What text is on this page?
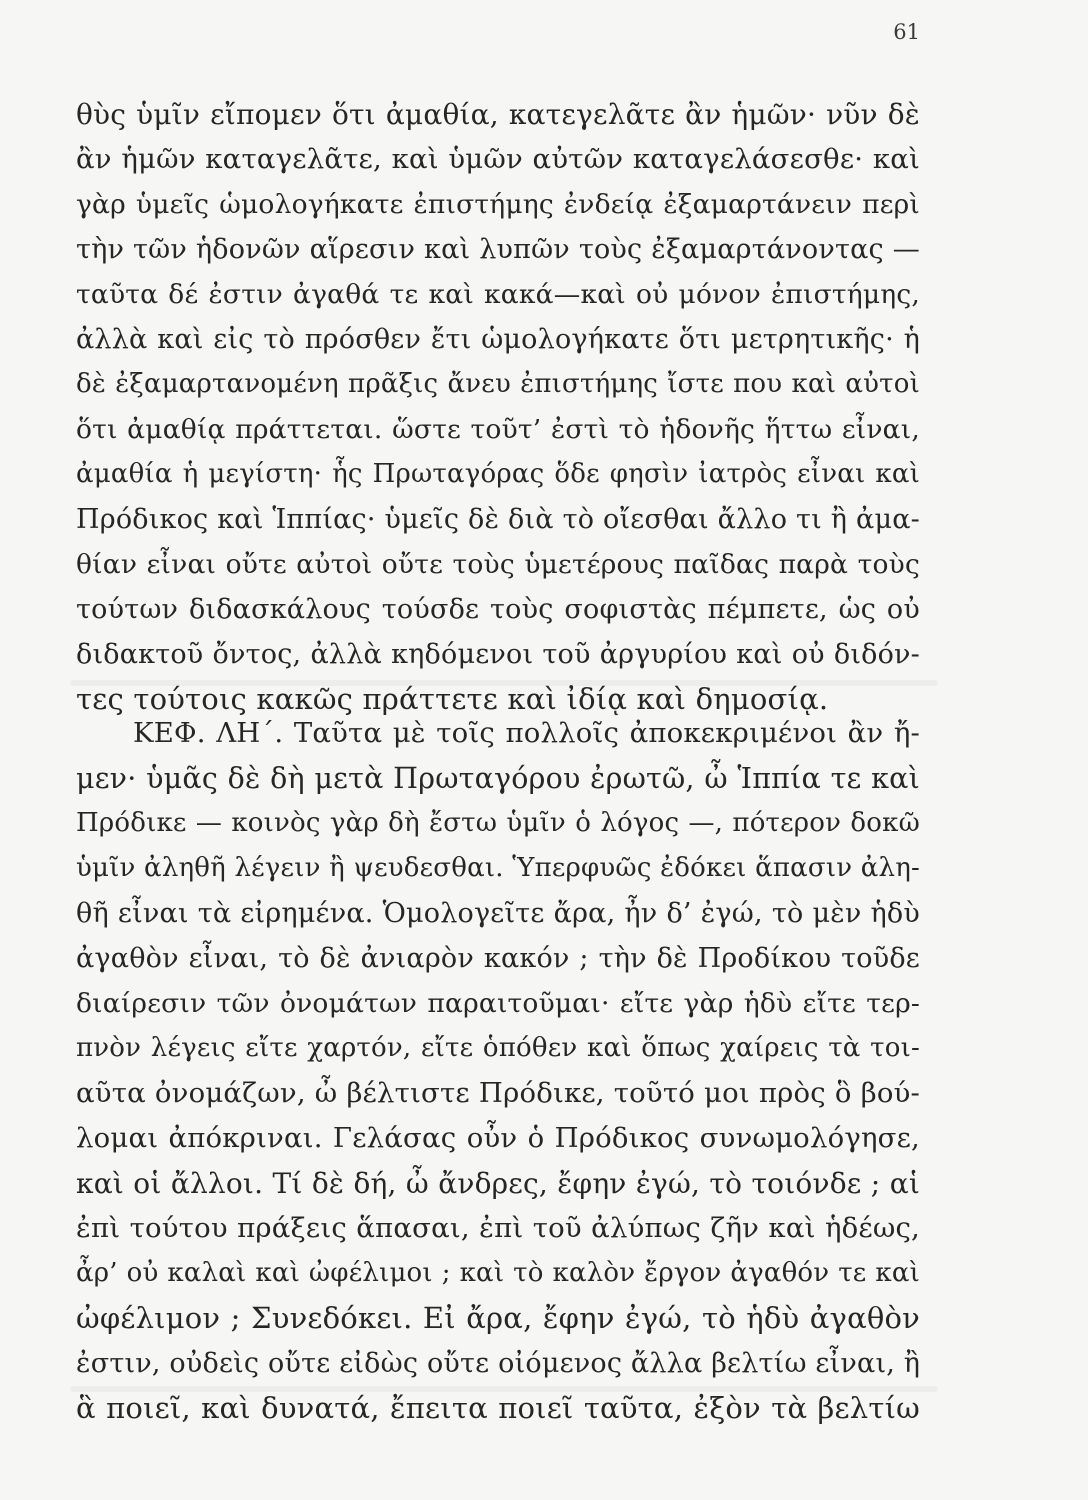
61
θὺς ὑμῖν εἴπομεν ὅτι ἀμαθία, κατεγελᾶτε ἂν ἡμῶν· νῦν δὲ
ἂν ἡμῶν καταγελᾶτε, καὶ ὑμῶν αὐτῶν καταγελάσεσθε· καὶ
γὰρ ὑμεῖς ὡμολογήκατε ἐπιστήμης ἐνδείᾳ ἐξαμαρτάνειν περὶ
τὴν τῶν ἡδονῶν αἵρεσιν καὶ λυπῶν τοὺς ἐξαμαρτάνοντας —
ταῦτα δέ ἐστιν ἀγαθά τε καὶ κακά—καὶ οὐ μόνον ἐπιστήμης,
ἀλλὰ καὶ εἰς τὸ πρόσθεν ἔτι ὡμολογήκατε ὅτι μετρητικῆς· ἡ
δὲ ἐξαμαρτανομένη πρᾶξις ἄνευ ἐπιστήμης ἴστε που καὶ αὐτοὶ
ὅτι ἀμαθίᾳ πράττεται. ὥστε τοῦτ’ ἐστὶ τὸ ἡδονῆς ἥττω εἶναι,
ἀμαθία ἡ μεγίστη· ἧς Πρωταγόρας ὅδε φησὶν ἰατρὸς εἶναι καὶ
Πρόδικος καὶ Ἱππίας· ὑμεῖς δὲ διὰ τὸ οἴεσθαι ἄλλο τι ἢ ἀμα-
θίαν εἶναι οὔτε αὐτοὶ οὔτε τοὺς ὑμετέρους παῖδας παρὰ τοὺς
τούτων διδασκάλους τούσδε τοὺς σοφιστὰς πέμπετε, ὡς οὐ
διδακτοῦ ὄντος, ἀλλὰ κηδόμενοι τοῦ ἀργυρίου καὶ οὐ διδόν-
τες τούτοις κακῶς πράττετε καὶ ἰδίᾳ καὶ δημοσίᾳ.
ΚΕΦ. ΛΗ΄. Ταῦτα μὲ τοῖς πολλοῖς ἀποκεκριμένοι ἂν ἤ-
μεν· ὑμᾶς δὲ δὴ μετὰ Πρωταγόρου ἐρωτῶ, ὦ Ἱππία τε καὶ
Πρόδικε — κοινὸς γὰρ δὴ ἔστω ὑμῖν ὁ λόγος —, πότερον δοκῶ
ὑμῖν ἀληθῆ λέγειν ἢ ψευδεσθαι. Ὑπερφυῶς ἐδόκει ἅπασιν ἀλη-
θῆ εἶναι τὰ εἰρημένα. Ὁμολογεῖτε ἄρα, ἦν δ’ ἐγώ, τὸ μὲν ἡδὺ
ἀγαθὸν εἶναι, τὸ δὲ ἀνιαρὸν κακόν ; τὴν δὲ Προδίκου τοῦδε
διαίρεσιν τῶν ὀνομάτων παραιτοῦμαι· εἴτε γὰρ ἡδὺ εἴτε τερ-
πνὸν λέγεις εἴτε χαρτόν, εἴτε ὁπόθεν καὶ ὅπως χαίρεις τὰ τοι-
αῦτα ὀνομάζων, ὦ βέλτιστε Πρόδικε, τοῦτό μοι πρὸς ὃ βού-
λομαι ἀπόκριναι. Γελάσας οὖν ὁ Πρόδικος συνωμολόγησε,
καὶ οἱ ἄλλοι. Τί δὲ δή, ὦ ἄνδρες, ἔφην ἐγώ, τὸ τοιόνδε ; αἱ
ἐπὶ τούτου πράξεις ἅπασαι, ἐπὶ τοῦ ἀλύπως ζῆν καὶ ἡδέως,
ἆρ’ οὐ καλαὶ καὶ ὠφέλιμοι ; καὶ τὸ καλὸν ἔργον ἀγαθόν τε καὶ
ὠφέλιμον ; Συνεδόκει. Εἰ ἄρα, ἔφην ἐγώ, τὸ ἡδὺ ἀγαθὸν
ἐστιν, οὐδεὶς οὔτε εἰδὼς οὔτε οἰόμενος ἄλλα βελτίω εἶναι, ἢ
ἃ ποιεῖ, καὶ δυνατά, ἔπειτα ποιεῖ ταῦτα, ἐξὸν τὰ βελτίω
